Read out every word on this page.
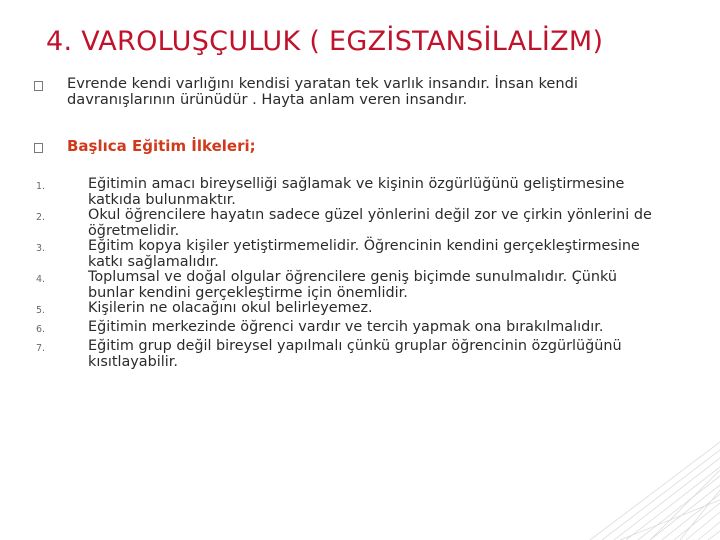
4. VAROLUŞÇULUK ( EGZİSTANSİLALİZM)
Evrende kendi varlığını kendisi yaratan tek varlık insandır. İnsan kendi davranışlarının ürünüdür . Hayta anlam veren insandır.
Başlıca Eğitim İlkeleri;
1.	Eğitimin amacı bireyselliği sağlamak ve kişinin özgürlüğünü geliştirmesine katkıda bulunmaktır.
2.	Okul öğrencilere hayatın sadece güzel yönlerini değil zor ve çirkin yönlerini de öğretmelidir.
3.	Eğitim kopya kişiler yetiştirmemelidir. Öğrencinin kendini gerçekleştirmesine katkı sağlamalıdır.
4.	Toplumsal ve doğal olgular öğrencilere geniş biçimde sunulmalıdır. Çünkü bunlar kendini gerçekleştirme için önemlidir.
5.	Kişilerin ne olacağını okul belirleyemez.
6.	Eğitimin merkezinde öğrenci vardır ve tercih yapmak ona bırakılmalıdır.
7.	Eğitim grup değil bireysel yapılmalı çünkü gruplar öğrencinin özgürlüğünü kısıtlayabilir.
